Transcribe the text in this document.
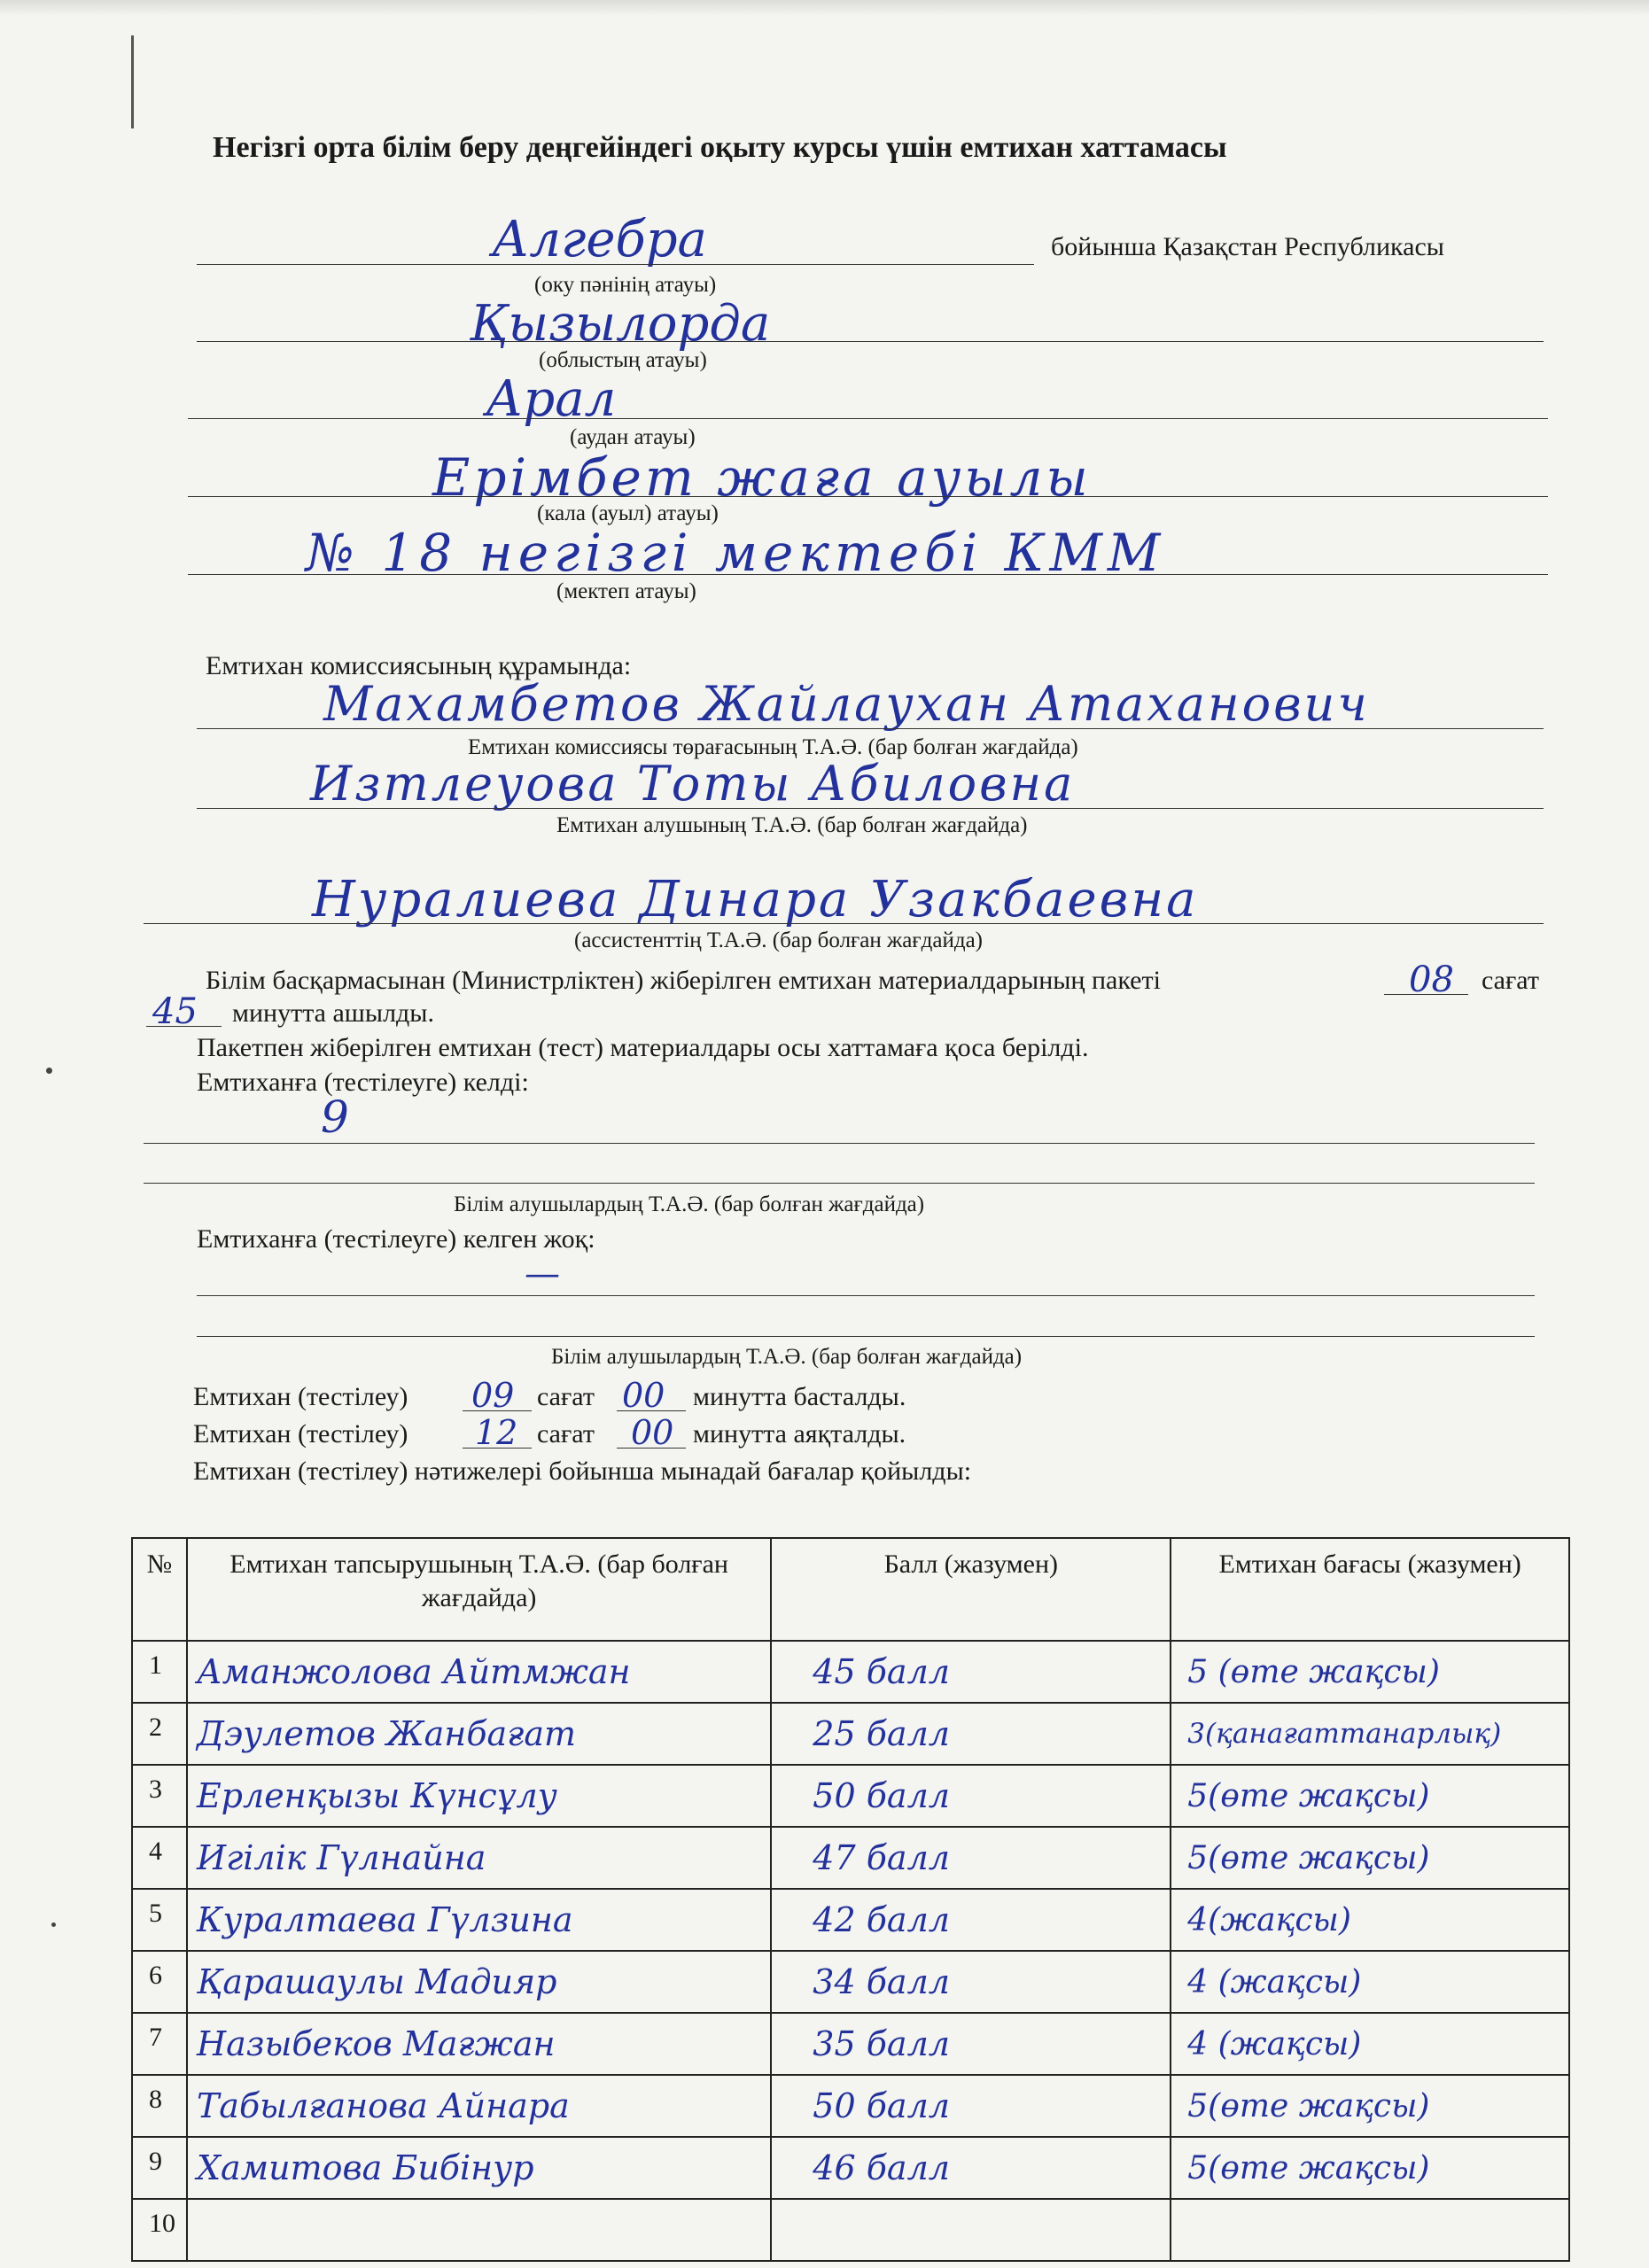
Негізгі орта білім беру деңгейіндегі оқыту курсы үшін емтихан хаттамасы
Алгебра	бойынша Қазақстан Республикасы
(оку пәнінің атауы)
Қызылорда
(облыстың атауы)
Арал
(аудан атауы)
Ерімбет жаға ауылы
(кала (ауыл) атауы)
№ 18 негізгі мектебі КММ
(мектеп атауы)
Емтихан комиссиясының құрамында:
Махамбетов Жайлаухан Атаханович
Емтихан комиссиясы төрағасының Т.А.Ә. (бар болған жағдайда)
Изтлеуова Тоты Абиловна
Емтихан алушының Т.А.Ә. (бар болған жағдайда)
Нуралиева Динара Узакбаевна
(ассистенттің Т.А.Ә. (бар болған жағдайда)
Білім басқармасынан (Министрліктен) жіберілген емтихан материалдарының пакеті	08 сағат
45 минутта ашылды.
Пакетпен жіберілген емтихан (тест) материалдары осы хаттамаға қоса берілді.
Емтиханға (тестілеуге) келді:
9
Білім алушылардың Т.А.Ә. (бар болған жағдайда)
Емтиханға (тестілеуге) келген жоқ:
—
Білім алушылардың Т.А.Ә. (бар болған жағдайда)
Емтихан (тестілеу) 09 сағат 00 минутта басталды.
Емтихан (тестілеу) 12 сағат 00 минутта аяқталды.
Емтихан (тестілеу) нәтижелері бойынша мынадай бағалар қойылды:
№	Емтихан тапсырушының Т.А.Ә. (бар болған жағдайда)	Балл (жазумен)	Емтихан бағасы (жазумен)
1	Аманжолова Айтмжан	45 балл	5 (өте жақсы)

2	Дэулетов Жанбағат	25 балл	3(қанағаттанарлық)

3	Ерленқызы Күнсұлу	50 балл	5(өте жақсы)

4	Игілік Гүлнайна	47 балл	5(өте жақсы)

5	Куралтаева Гүлзина	42 балл	4(жақсы)

6	Қарашаулы Мадияр	34 балл	4 (жақсы)

7	Назыбеков Мағжан	35 балл	4 (жақсы)

8	Табылғанова Айнара	50 балл	5(өте жақсы)

9	Хамитова Бибінур	46 балл	5(өте жақсы)

10	
